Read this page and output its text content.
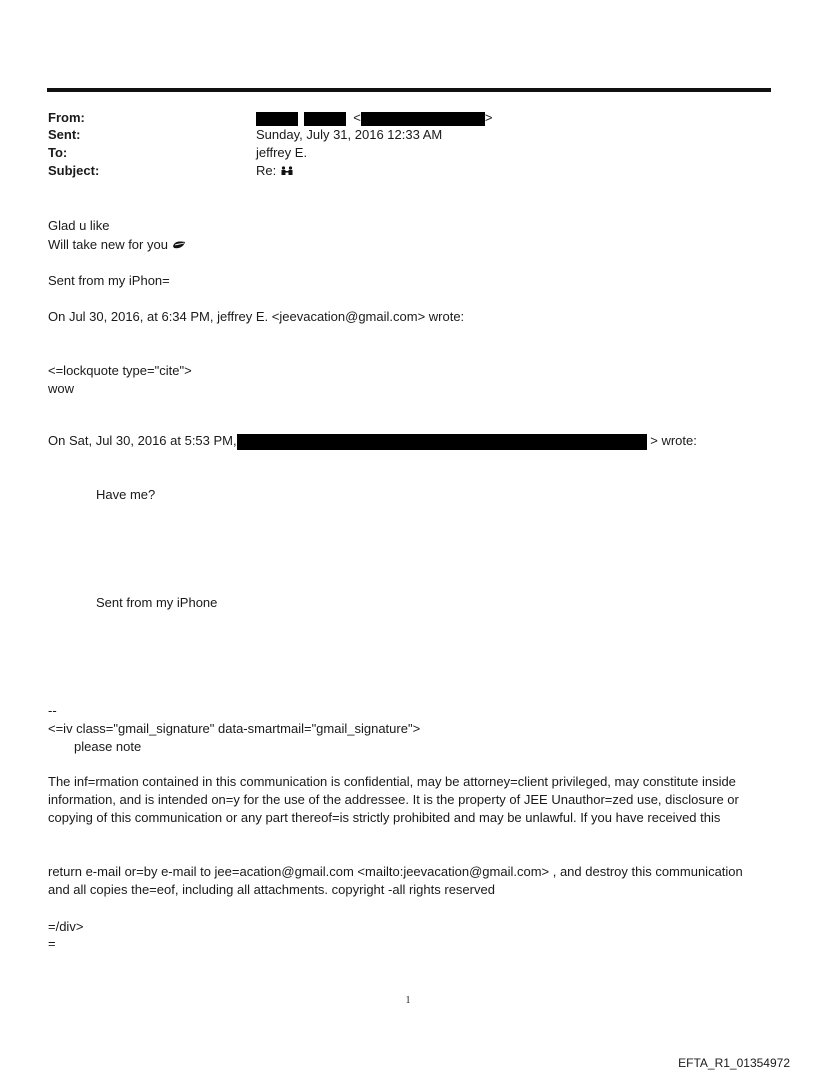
From:	<	>
Sent:	Sunday, July 31, 2016 12:33 AM
To:	jeffrey E.
Subject:	Re:
Glad u like
Will take new for you
Sent from my iPhon=
On Jul 30, 2016, at 6:34 PM, jeffrey E. <jeevacation@gmail.com> wrote:
<=lockquote type="cite">
wow
On Sat, Jul 30, 2016 at 5:53 PM,	> wrote:
Have me?
Sent from my iPhone
--
<=iv class="gmail_signature" data-smartmail="gmail_signature">
please note
The inf=rmation contained in this communication is confidential, may be attorney=client privileged, may constitute inside information, and is intended on=y for the use of the addressee. It is the property of JEE Unauthor=zed use, disclosure or copying of this communication or any part thereof=is strictly prohibited and may be unlawful. If you have received this
return e-mail or=by e-mail to jee=acation@gmail.com <mailto:jeevacation@gmail.com> , and destroy this communication and all copies the=eof, including all attachments. copyright -all rights reserved
=/div>
=
1
EFTA_R1_01354972
